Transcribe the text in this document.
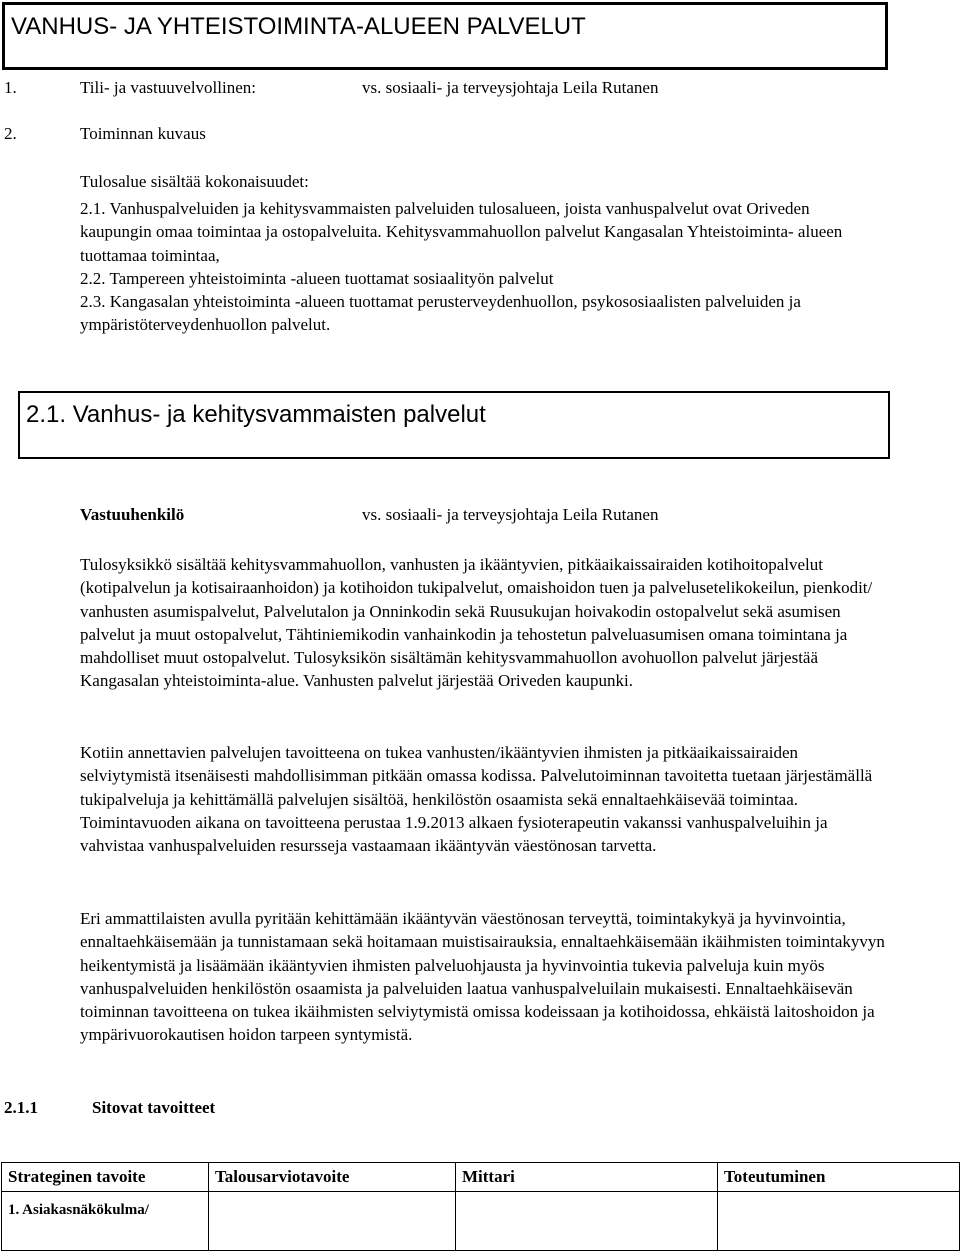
VANHUS- JA YHTEISTOIMINTA-ALUEEN PALVELUT
1.	Tili- ja vastuuvelvollinen:	vs. sosiaali- ja terveysjohtaja Leila Rutanen
2.	Toiminnan kuvaus
Tulosalue sisältää kokonaisuudet:

2.1. Vanhuspalveluiden ja kehitysvammaisten palveluiden tulosalueen, joista vanhuspalvelut ovat Oriveden kaupungin omaa toimintaa ja ostopalveluita. Kehitysvammahuollon palvelut Kangasalan Yhteistoiminta- alueen tuottamaa toimintaa,

2.2. Tampereen yhteistoiminta -alueen tuottamat sosiaalityön palvelut

2.3. Kangasalan yhteistoiminta -alueen tuottamat perusterveydenhuollon, psykososiaalisten palveluiden ja ympäristöterveydenhuollon palvelut.

2.1. Vanhus- ja kehitysvammaisten palvelut
Vastuuhenkilö	vs. sosiaali- ja terveysjohtaja Leila Rutanen

Tulosyksikkö sisältää kehitysvammahuollon, vanhusten ja ikääntyvien, pitkäaikaissairaiden kotihoitopalvelut (kotipalvelun ja kotisairaanhoidon) ja kotihoidon tukipalvelut, omaishoidon tuen ja palvelusetelikokeilun, pienkodit/ vanhusten asumispalvelut, Palvelutalon ja Onninkodin sekä Ruusukujan hoivakodin ostopalvelut sekä asumisen palvelut ja muut ostopalvelut, Tähtiniemikodin vanhainkodin ja tehostetun palveluasumisen omana toimintana ja mahdolliset muut ostopalvelut. Tulosyksikön sisältämän kehitysvammahuollon avohuollon palvelut järjestää Kangasalan yhteistoiminta-alue. Vanhusten palvelut järjestää Oriveden kaupunki.

Kotiin annettavien palvelujen tavoitteena on tukea vanhusten/ikääntyvien ihmisten ja pitkäaikaissairaiden selviytymistä itsenäisesti mahdollisimman pitkään omassa kodissa. Palvelutoiminnan tavoitetta tuetaan järjestämällä tukipalveluja ja kehittämällä palvelujen sisältöä, henkilöstön osaamista sekä ennaltaehkäisevää toimintaa. Toimintavuoden aikana on tavoitteena perustaa 1.9.2013 alkaen fysioterapeutin vakanssi vanhuspalveluihin ja vahvistaa vanhuspalveluiden resursseja vastaamaan ikääntyvän väestönosan tarvetta.

Eri ammattilaisten avulla pyritään kehittämään ikääntyvän väestönosan terveyttä, toimintakykyä ja hyvinvointia, ennaltaehkäisemään ja tunnistamaan sekä hoitamaan muistisairauksia, ennaltaehkäisemään ikäihmisten toimintakyvyn heikentymistä ja lisäämään ikääntyvien ihmisten palveluohjausta ja hyvinvointia tukevia palveluja kuin myös vanhuspalveluiden henkilöstön osaamista ja palveluiden laatua vanhuspalveluilain mukaisesti. Ennaltaehkäisevän toiminnan tavoitteena on tukea ikäihmisten selviytymistä omissa kodeissaan ja kotihoidossa, ehkäistä laitoshoidon ja ympärivuorokautisen hoidon tarpeen syntymistä.

2.1.1	Sitovat tavoitteet
Strateginen tavoite	Talousarviotavoite	Mittari	Toteutuminen
1. Asiakasnäkökulma/			
